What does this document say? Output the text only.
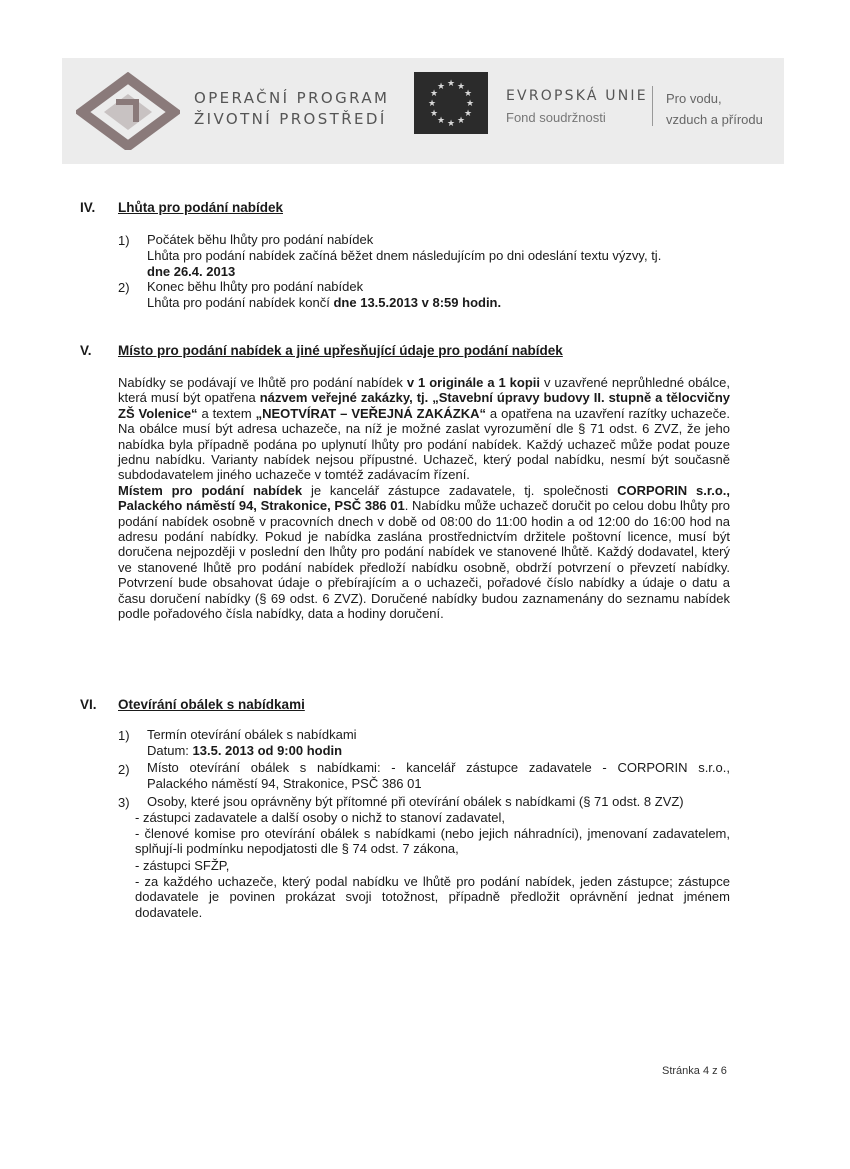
OPERAČNÍ PROGRAM
ŽIVOTNÍ PROSTŘEDÍ
★ ★
★
★
★
★
★
★
★
★
★
★
EVROPSKÁ UNIE
Fond soudržnosti
Pro vodu,
vzduch a přírodu
IV. Lhůta pro podání nabídek
1) Počátek běhu lhůty pro podání nabídek
Lhůta pro podání nabídek začíná běžet dnem následujícím po dni odeslání textu výzvy, tj.
dne 26.4. 2013
2) Konec běhu lhůty pro podání nabídek
Lhůta pro podání nabídek končí dne 13.5.2013 v 8:59 hodin.
V. Místo pro podání nabídek a jiné upřesňující údaje pro podání nabídek

Nabídky se podávají ve lhůtě pro podání nabídek v 1 originále a 1 kopii v uzavřené neprůhledné obálce, která musí být opatřena názvem veřejné zakázky, tj. „Stavební úpravy budovy II. stupně a tělocvičny ZŠ Volenice“ a textem „NEOTVÍRAT – VEŘEJNÁ ZAKÁZKA“ a opatřena na uzavření razítky uchazeče. Na obálce musí být adresa uchazeče, na níž je možné zaslat vyrozumění dle § 71 odst. 6 ZVZ, že jeho nabídka byla případně podána po uplynutí lhůty pro podání nabídek. Každý uchazeč může podat pouze jednu nabídku. Varianty nabídek nejsou přípustné. Uchazeč, který podal nabídku, nesmí být současně subdodavatelem jiného uchazeče v tomtéž zadávacím řízení.

Místem pro podání nabídek je kancelář zástupce zadavatele, tj. společnosti CORPORIN s.r.o., Palackého náměstí 94, Strakonice, PSČ 386 01. Nabídku může uchazeč doručit po celou dobu lhůty pro podání nabídek osobně v pracovních dnech v době od 08:00 do 11:00 hodin a od 12:00 do 16:00 hod na adresu podání nabídky. Pokud je nabídka zaslána prostřednictvím držitele poštovní licence, musí být doručena nejpozději v poslední den lhůty pro podání nabídek ve stanovené lhůtě. Každý dodavatel, který ve stanovené lhůtě pro podání nabídek předloží nabídku osobně, obdrží potvrzení o převzetí nabídky. Potvrzení bude obsahovat údaje o přebírajícím a o uchazeči, pořadové číslo nabídky a údaje o datu a času doručení nabídky (§ 69 odst. 6 ZVZ). Doručené nabídky budou zaznamenány do seznamu nabídek podle pořadového čísla nabídky, data a hodiny doručení.

VI. Otevírání obálek s nabídkami
1) Termín otevírání obálek s nabídkami
Datum: 13.5. 2013 od 9:00 hodin
2) Místo otevírání obálek s nabídkami: - kancelář zástupce zadavatele - CORPORIN s.r.o.,
Palackého náměstí 94, Strakonice, PSČ 386 01
3) Osoby, které jsou oprávněny být přítomné při otevírání obálek s nabídkami (§ 71 odst. 8 ZVZ)
- zástupci zadavatele a další osoby o nichž to stanoví zadavatel,
- členové komise pro otevírání obálek s nabídkami (nebo jejich náhradníci), jmenovaní zadavatelem, splňují-li podmínku nepodjatosti dle § 74 odst. 7 zákona,
- zástupci SFŽP,
- za každého uchazeče, který podal nabídku ve lhůtě pro podání nabídek, jeden zástupce; zástupce dodavatele je povinen prokázat svoji totožnost, případně předložit oprávnění jednat jménem dodavatele.
Stránka 4 z 6
